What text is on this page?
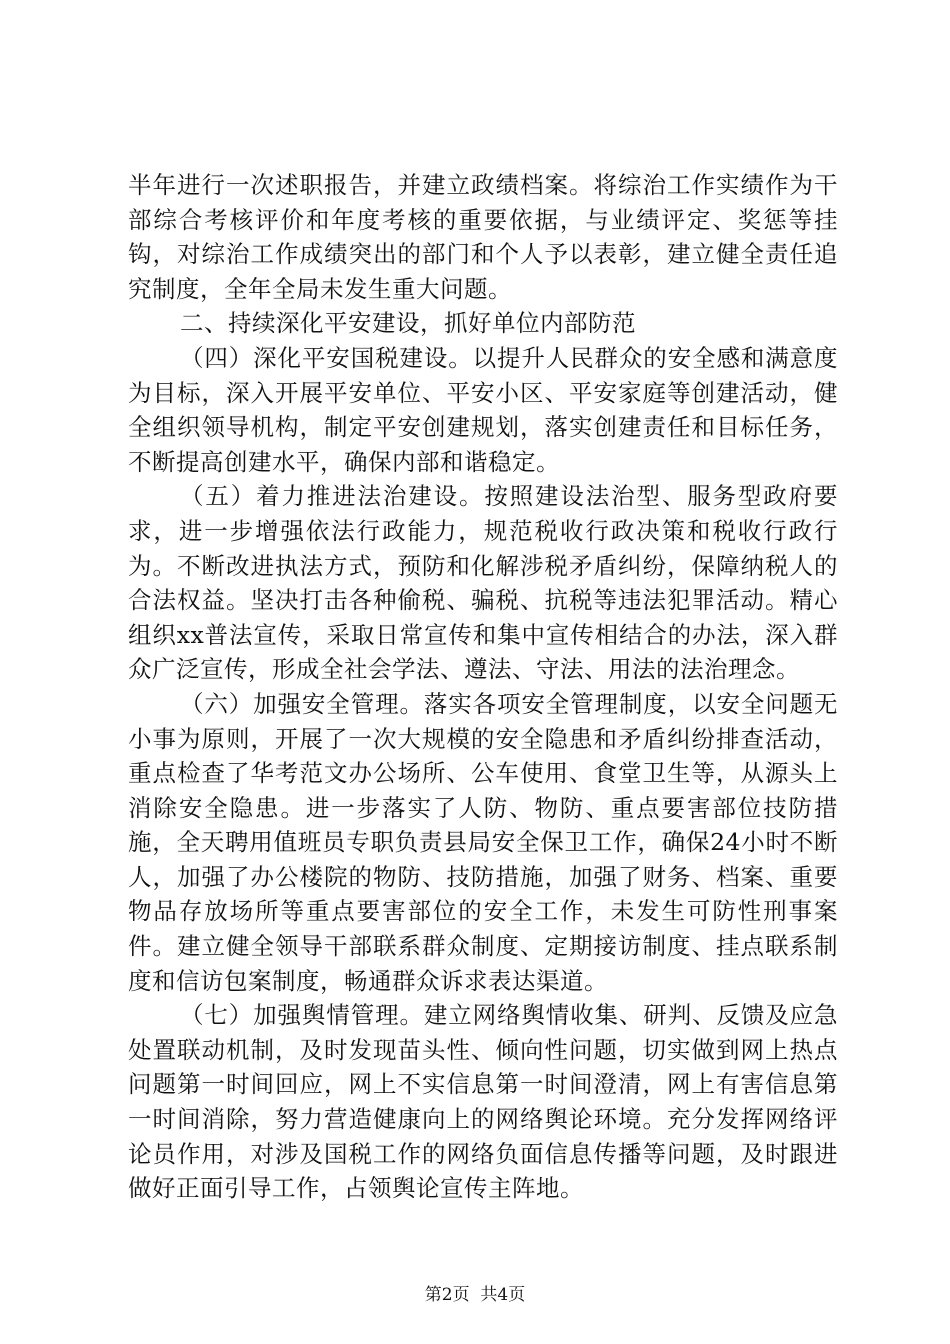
半年进行一次述职报告，并建立政绩档案。将综治工作实绩作为干部综合考核评价和年度考核的重要依据，与业绩评定、奖惩等挂钩，对综治工作成绩突出的部门和个人予以表彰，建立健全责任追究制度，全年全局未发生重大问题。

二、持续深化平安建设，抓好单位内部防范

（四）深化平安国税建设。以提升人民群众的安全感和满意度为目标，深入开展平安单位、平安小区、平安家庭等创建活动，健全组织领导机构，制定平安创建规划，落实创建责任和目标任务，不断提高创建水平，确保内部和谐稳定。

（五）着力推进法治建设。按照建设法治型、服务型政府要求，进一步增强依法行政能力，规范税收行政决策和税收行政行为。不断改进执法方式，预防和化解涉税矛盾纠纷，保障纳税人的合法权益。坚决打击各种偷税、骗税、抗税等违法犯罪活动。精心组织xx普法宣传，采取日常宣传和集中宣传相结合的办法，深入群众广泛宣传，形成全社会学法、遵法、守法、用法的法治理念。

（六）加强安全管理。落实各项安全管理制度，以安全问题无小事为原则，开展了一次大规模的安全隐患和矛盾纠纷排查活动，重点检查了华考范文办公场所、公车使用、食堂卫生等，从源头上消除安全隐患。进一步落实了人防、物防、重点要害部位技防措施，全天聘用值班员专职负责县局安全保卫工作，确保24小时不断人，加强了办公楼院的物防、技防措施，加强了财务、档案、重要物品存放场所等重点要害部位的安全工作，未发生可防性刑事案件。建立健全领导干部联系群众制度、定期接访制度、挂点联系制度和信访包案制度，畅通群众诉求表达渠道。

（七）加强舆情管理。建立网络舆情收集、研判、反馈及应急处置联动机制，及时发现苗头性、倾向性问题，切实做到网上热点问题第一时间回应，网上不实信息第一时间澄清，网上有害信息第一时间消除，努力营造健康向上的网络舆论环境。充分发挥网络评论员作用，对涉及国税工作的网络负面信息传播等问题，及时跟进做好正面引导工作，占领舆论宣传主阵地。

第2页 共4页
